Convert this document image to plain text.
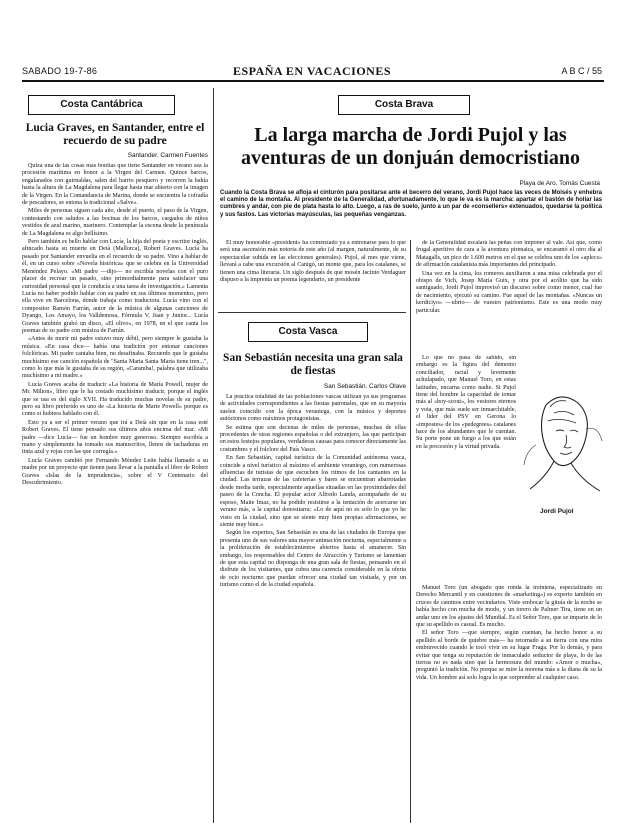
SABADO 19-7-86	ESPAÑA EN VACACIONES	A B C / 55
Costa Cantábrica
Lucia Graves, en Santander, entre el recuerdo de su padre
Santander. Carmen Fuentes

Quizá una de las cosas más bonitas que tiene Santander en verano sea la procesión marítima en honor a la Virgen del Carmen. Quince barcos, engalanados con guirnaldas, salen del barrio pesquero y recorren la bahía hasta la altura de La Magdalena para llegar hasta mar abierto con la imagen de la Virgen. En la Comandancia de Marina, donde se encuentra la cofradía de pescadores, se entona la tradicional «Salve».

Miles de personas siguen cada año, desde el puerto, el paso de la Virgen, contestando con saludos a las bocinas de los barcos, cargados de niños vestidos de azul marino, marinero. Contemplar la escena desde la península de La Magdalena es algo bellísimo.

Pero también es bello hablar con Lucía, la hija del poeta y escritor inglés, afincado hasta su muerte en Deià (Mallorca), Robert Graves. Lucía ha pasado por Santander envuelta en el recuerdo de su padre. Vino a hablar de él, en un curso sobre «Novela histórica» que se celebra en la Universidad Menéndez Pelayo. «Mi padre —dijo— no escribía novelas con el puro placer de recrear un pasado, sino primordialmente para satisfacer una curiosidad personal que le conducía a una tarea de investigación.» Lamenta Lucía no haber podido hablar con su padre en sus últimos momentos, pero ella vive en Barcelona, donde trabaja como traductora. Lucía vino con el compositor Ramón Farrán, autor de la música de algunas canciones de Dyango, Los Amayo, los Valldemosa, Fórmula V, Juan y Junior... Lucía Graves también grabó un disco, «El olivo», en 1978, en el que canta los poemas de su padre con música de Farrán.

«Antes de morir mi padre estuvo muy débil, pero siempre le gustaba la música. «En casa dice— había una tradición por entonar canciones folclóricas. Mi padre cantaba bien, no desafinaba. Recuerdo que le gustaba muchísimo ese canción española de "Santa Marta Santa Marta tiene tren...", como lo que más le gustaba de su región, «Caramba!, palabra que utilizaba muchísimo a mi madre.»

Lucía Graves acaba de traducir «La historia de María Powell, mujer de Mr. Milton», libro que le ha costado muchísimo traducir, porque el inglés que se usa es del siglo XVII. Ha traducido muchas novelas de su padre, pero su libro preferido es uno de «La historia de Marie Powell» porque es como si hubiera hablado con él.

Esto ya a ser el primer verano que irá a Deià sin que en la casa esté Robert Graves. El tiene pensado sus últimos años encima del mar. «Mi padre —dice Lucía— fue un hombre muy generoso. Siempre escribía a mano y simplemente ha tomado sus manuscritos, llenos de tachaduras en tinta azul y rojas con las que corregía.»

Lucía Graves cambió por Fernando Méndez Leite había llamado a su madre por un proyecto que tienen para llevar a la pantalla el libro de Robert Graves «Islas de la imprudencia», sobre el V Centenario del Descubrimiento.

Costa Brava
La larga marcha de Jordi Pujol y las aventuras de un donjuán democristiano
Playa de Aro. Tomás Cuesta
Cuando la Costa Brava se afloja el cinturón para positarse ante el becerro del verano, Jordi Pujol hace las veces de Moisés y enhebra el camino de la montaña. Al presidente de la Generalidad, afortunadamente, lo que le va es la marcha: apartar el bastón de hollar las cumbres y andar, con pie de plata hasta lo alto. Luego, a ras de suelo, junto a un par de «consellers» extenuados, quedarse la política y sus fastos. Las victorias mayúsculas, las pequeñas venganzas.

El muy honorable «president» ha comenzado ya a entrenarse para lo que será una ascensión más notoria de este año (al margen, naturalmente, de su espectacular subida en las elecciones generales). Pujol, al mes que viene, llevará a cabe una excursión al Canigó, un monte que, para los catalanes, se tienen una cima literaria. Un siglo después de que mosén Jacinto Verdaguer dispuso a la imprenta un poema legendario, un presidente

de la Generalidad escalará las peñas con imponer al vale. Así que, como frugal aperitivo de cara a la aventura pirenaica, se encaramó el otro día al Matagalls, un pico de 1.600 metros en el que se celebra uno de los «aplecs» de afirmación catalanista más importantes del principado.

Una vez en la cima, los romeros auxiliaron a una misa celebrada por el obispo de Vich, Josep María Guix, y otra por el acólito que ha sido santiguado, Jordi Pujol improvisó un discurso sobre como menor, cual fue de nacimiento, ejecutó su camino. Fue aquel de las montañas. «Nuncas un kerdiciyo» —ubrio— de vuestro patrionismo. Este es una modo muy particular.

Lo que no pasa de sabido, sin embargo es la figura del demonio conciliador, racial y levemente achulapado, que Manuel Toro, en estas latitudes, encarna como nadie. Si Pujol tiene del hombre la capacidad de tomar más al «boy-scout», los vestores eternos y vota, que más suele ser inmarchitable, el lider del PSV en Gerona lo «impostes» de los «pedegrees» catalanes hace de los abundantes que le cuentan. Su porte pone un fuego a los que están en la procesión y la virtud privada.

Jordi Pujol

Manuel Toro (un abogado que ronda la treintena, especializado en Derecho Mercantil y en cuestiones de «marketing») es experto también en cruces de caminos entre vecindarios. Viste embocar la gituía de la noche se había hecho con mucha de modo, y un torero de Palmer Tira, tiene en un andar uno en los ajustes del Mundial. Es el Señor Toro, que se imparte de lo que su apellido es casual. Es mucho.

El señor Toro —que siempre, según cuentan, ha hecho honor a su apellido al borde de quiebre más— ha retornado a su tierra con una mira embravecido cuando le tocó vivir en su lugar Fraga. Por lo demás, y para evitar que tenga su reputación de inmaculado seductor de playa, lo de las tierras no es nada sino que la hermosura del mundo: «Amor o mucha», preguntó la tradición. No porque se mire la morena más a la diana de su la vida. Un hombre así solo logra lo que sorprender al cualquier caso.

Costa Vasca
San Sebastián necesita una gran sala de fiestas
San Sebastián. Carlos Olave

La práctica totalidad de las poblaciones vascas utilizan ya sus programas de actividades correspondientes a las fiestas patronales, que en su mayoría suelen coincidir con la época veraniega, con la música y deportes autóctonos como máximos protagonistas.

Se estima que son decenas de miles de personas, muchas de ellas procedentes de otras regiones españolas o del extranjero, las que participan en estos festejos populares, verdaderas causas para conocer directamente las costumbres y el folclore del País Vasco.

En San Sebastián, capital turística de la Comunidad autónoma vasca, coincide a nivel turístico al máximo el ambiente veraniego, con numerosas afluencias de turistas de que escuchen los ritmos de los cantantes en la ciudad. Las terrazas de las cafeterías y bares se encuentran abarrotadas desde media tarde, especialmente aquellas situadas en las proximidades del paseo de la Concha. El popular actor Alfredo Landa, acompañado de su esposo, Maite Imaz, no ha podido resistirse a la tentación de acercarse un verano más, a la capital donostiarra: «Lo de aquí no es solo lo que yo he visto en la ciudad, sino que se siente muy bien propias afirmaciones, se siente muy bien.»

Según los expertos, San Sebastián es una de las ciudades de Europa que presenta uno de sus valores una mayor animación nocturna, especialmente a la proliferación de establecimientos abiertos hasta el amanecer. Sin embargo, los responsables del Centro de Atracción y Turismo se lamentan de que esta capital no disponga de una gran sala de fiestas, pensando en el disfrute de los visitantes, que cubra una carencia considerable en la oferta de ocio nocturno que puedan ofrecer una ciudad tan visitada, y por un turismo como el de la ciudad española.
